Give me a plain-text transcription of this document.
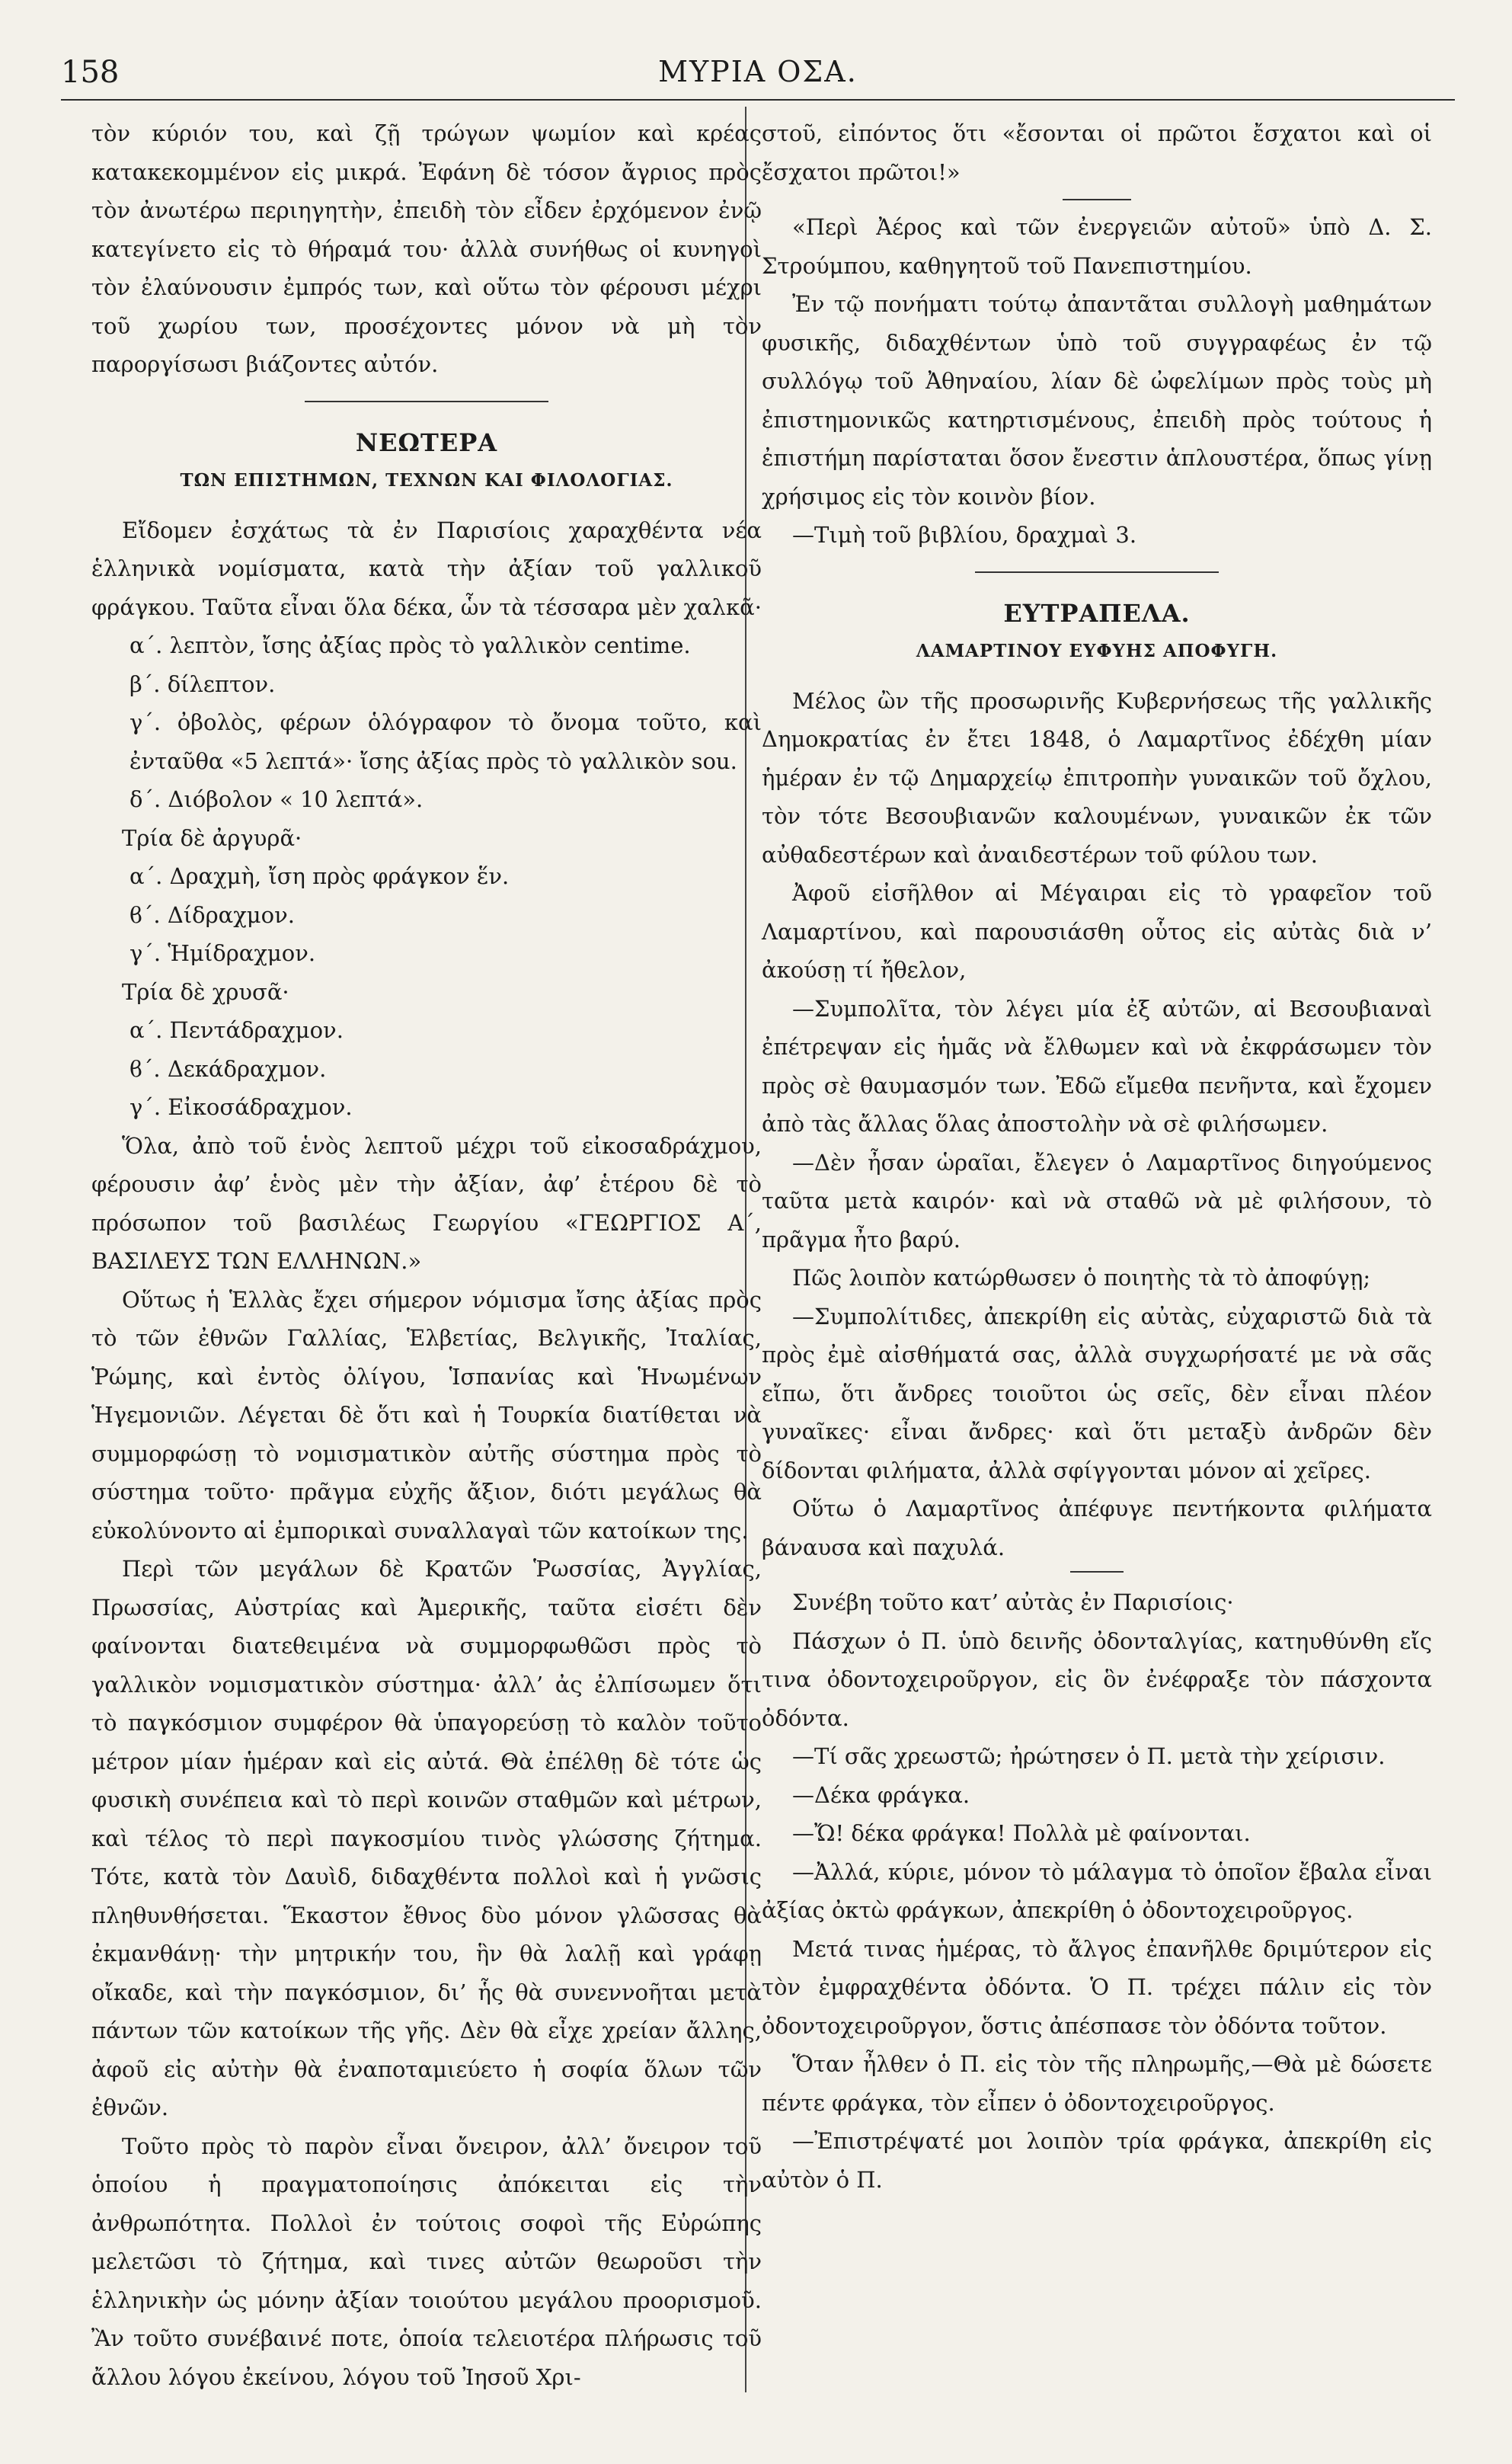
158	ΜΥΡΙΑ ΟΣΑ.

τὸν κύριόν του, καὶ ζῇ τρώγων ψωμίον καὶ κρέας κατακεκομμένον εἰς μικρά. Ἐφάνη δὲ τόσον ἄγριος πρὸς τὸν ἀνωτέρω περιηγητὴν, ἐπειδὴ τὸν εἶδεν ἐρχόμενον ἐνῷ κατεγίνετο εἰς τὸ θήραμά του· ἀλλὰ συνήθως οἱ κυνηγοὶ τὸν ἐλαύνουσιν ἐμπρός των, καὶ οὕτω τὸν φέρουσι μέχρι τοῦ χωρίου των, προσέχοντες μόνον νὰ μὴ τὸν παροργίσωσι βιάζοντες αὐτόν.

ΝΕΩΤΕΡΑ

ΤΩΝ ΕΠΙΣΤΗΜΩΝ, ΤΕΧΝΩΝ ΚΑΙ ΦΙΛΟΛΟΓΙΑΣ.

Εἴδομεν ἐσχάτως τὰ ἐν Παρισίοις χαραχθέντα νέα ἑλληνικὰ νομίσματα, κατὰ τὴν ἀξίαν τοῦ γαλλικοῦ φράγκου. Ταῦτα εἶναι ὅλα δέκα, ὧν τὰ τέσσαρα μὲν χαλκᾶ·

α΄. λεπτὸν, ἴσης ἀξίας πρὸς τὸ γαλλικὸν centime.

β΄. δίλεπτον.

γ΄. ὀβολὸς, φέρων ὁλόγραφον τὸ ὄνομα τοῦτο, καὶ ἐνταῦθα «5 λεπτά»· ἴσης ἀξίας πρὸς τὸ γαλλικὸν sou.

δ΄. Διόβολον « 10 λεπτά».

Τρία δὲ ἀργυρᾶ·

α΄. Δραχμὴ, ἴση πρὸς φράγκον ἕν.

ϐ΄. Δίδραχμον.

γ΄. Ἡμίδραχμον.

Τρία δὲ χρυσᾶ·

α΄. Πεντάδραχμον.

ϐ΄. Δεκάδραχμον.

γ΄. Εἰκοσάδραχμον.

Ὅλα, ἀπὸ τοῦ ἑνὸς λεπτοῦ μέχρι τοῦ εἰκοσαδράχμου, φέρουσιν ἀφ’ ἑνὸς μὲν τὴν ἀξίαν, ἀφ’ ἑτέρου δὲ τὸ πρόσωπον τοῦ βασιλέως Γεωργίου «ΓΕΩΡΓΙΟΣ Α΄, ΒΑΣΙΛΕΥΣ ΤΩΝ ΕΛΛΗΝΩΝ.»

Οὕτως ἡ Ἑλλὰς ἔχει σήμερον νόμισμα ἴσης ἀξίας πρὸς τὸ τῶν ἐθνῶν Γαλλίας, Ἑλβετίας, Βελγικῆς, Ἰταλίας, Ῥώμης, καὶ ἐντὸς ὀλίγου, Ἱσπανίας καὶ Ἡνωμένων Ἡγεμονιῶν. Λέγεται δὲ ὅτι καὶ ἡ Τουρκία διατίθεται νὰ συμμορφώσῃ τὸ νομισματικὸν αὐτῆς σύστημα πρὸς τὸ σύστημα τοῦτο· πρᾶγμα εὐχῆς ἄξιον, διότι μεγάλως θὰ εὐκολύνοντο αἱ ἐμπορικαὶ συναλλαγαὶ τῶν κατοίκων της.

Περὶ τῶν μεγάλων δὲ Κρατῶν Ῥωσσίας, Ἀγγλίας, Πρωσσίας, Αὐστρίας καὶ Ἀμερικῆς, ταῦτα εἰσέτι δὲν φαίνονται διατεθειμένα νὰ συμμορφωθῶσι πρὸς τὸ γαλλικὸν νομισματικὸν σύστημα· ἀλλ’ ἀς ἐλπίσωμεν ὅτι τὸ παγκόσμιον συμφέρον θὰ ὑπαγορεύσῃ τὸ καλὸν τοῦτο μέτρον μίαν ἡμέραν καὶ εἰς αὐτά. Θὰ ἐπέλθῃ δὲ τότε ὡς φυσικὴ συνέπεια καὶ τὸ περὶ κοινῶν σταθμῶν καὶ μέτρων, καὶ τέλος τὸ περὶ παγκοσμίου τινὸς γλώσσης ζήτημα. Τότε, κατὰ τὸν Δαυὶδ, διδαχθέντα πολλοὶ καὶ ἡ γνῶσις πληθυνθήσεται. Ἕκαστον ἔθνος δὺο μόνον γλῶσσας θὰ ἐκμανθάνῃ· τὴν μητρικήν του, ἣν θὰ λαλῇ καὶ γράφῃ οἴκαδε, καὶ τὴν παγκόσμιον, δι’ ἧς θὰ συνεννοῆται μετὰ πάντων τῶν κατοίκων τῆς γῆς. Δὲν θὰ εἶχε χρείαν ἄλλης, ἀφοῦ εἰς αὐτὴν θὰ ἐναποταμιεύετο ἡ σοφία ὅλων τῶν ἐθνῶν.

Τοῦτο πρὸς τὸ παρὸν εἶναι ὄνειρον, ἀλλ’ ὄνειρον τοῦ ὁποίου ἡ πραγματοποίησις ἀπόκειται εἰς τὴν ἀνθρωπότητα. Πολλοὶ ἐν τούτοις σοφοὶ τῆς Εὐρώπης μελετῶσι τὸ ζήτημα, καὶ τινες αὐτῶν θεωροῦσι τὴν ἑλληνικὴν ὡς μόνην ἀξίαν τοιούτου μεγάλου προορισμοῦ. Ἂν τοῦτο συνέβαινέ ποτε, ὁποία τελειοτέρα πλήρωσις τοῦ ἄλλου λόγου ἐκείνου, λόγου τοῦ Ἰησοῦ Χρι-

στοῦ, εἰπόντος ὅτι «ἔσονται οἱ πρῶτοι ἔσχατοι καὶ οἱ ἔσχατοι πρῶτοι!»

«Περὶ Ἀέρος καὶ τῶν ἐνεργειῶν αὐτοῦ» ὑπὸ Δ. Σ. Στρούμπου, καθηγητοῦ τοῦ Πανεπιστημίου.

Ἐν τῷ πονήματι τούτῳ ἀπαντᾶται συλλογὴ μαθημάτων φυσικῆς, διδαχθέντων ὑπὸ τοῦ συγγραφέως ἐν τῷ συλλόγῳ τοῦ Ἀθηναίου, λίαν δὲ ὠφελίμων πρὸς τοὺς μὴ ἐπιστημονικῶς κατηρτισμένους, ἐπειδὴ πρὸς τούτους ἡ ἐπιστήμη παρίσταται ὅσον ἔνεστιν ἁπλουστέρα, ὅπως γίνῃ χρήσιμος εἰς τὸν κοινὸν βίον.

—Τιμὴ τοῦ βιβλίου, δραχμαὶ 3.

ΕΥΤΡΑΠΕΛΑ.

ΛΑΜΑΡΤΙΝΟΥ ΕΥΦΥΗΣ ΑΠΟΦΥΓΗ.

Μέλος ὢν τῆς προσωρινῆς Κυβερνήσεως τῆς γαλλικῆς Δημοκρατίας ἐν ἔτει 1848, ὁ Λαμαρτῖνος ἐδέχθη μίαν ἡμέραν ἐν τῷ Δημαρχείῳ ἐπιτροπὴν γυναικῶν τοῦ ὄχλου, τὸν τότε Βεσουβιανῶν καλουμένων, γυναικῶν ἐκ τῶν αὐθαδεστέρων καὶ ἀναιδεστέρων τοῦ φύλου των.

Ἀφοῦ εἰσῆλθον αἱ Μέγαιραι εἰς τὸ γραφεῖον τοῦ Λαμαρτίνου, καὶ παρουσιάσθη οὗτος εἰς αὐτὰς διὰ ν’ ἀκούσῃ τί ἤθελον,

—Συμπολῖτα, τὸν λέγει μία ἐξ αὐτῶν, αἱ Βεσουβιαναὶ ἐπέτρεψαν εἰς ἡμᾶς νὰ ἔλθωμεν καὶ νὰ ἐκφράσωμεν τὸν πρὸς σὲ θαυμασμόν των. Ἐδῶ εἴμεθα πενῆντα, καὶ ἔχομεν ἀπὸ τὰς ἄλλας ὅλας ἀποστολὴν νὰ σὲ φιλήσωμεν.

—Δὲν ἦσαν ὡραῖαι, ἔλεγεν ὁ Λαμαρτῖνος διηγούμενος ταῦτα μετὰ καιρόν· καὶ νὰ σταθῶ νὰ μὲ φιλήσουν, τὸ πρᾶγμα ἦτο βαρύ.

Πῶς λοιπὸν κατώρθωσεν ὁ ποιητὴς τὰ τὸ ἀποφύγῃ;

—Συμπολίτιδες, ἀπεκρίθη εἰς αὐτὰς, εὐχαριστῶ διὰ τὰ πρὸς ἐμὲ αἰσθήματά σας, ἀλλὰ συγχωρήσατέ με νὰ σᾶς εἴπω, ὅτι ἄνδρες τοιοῦτοι ὡς σεῖς, δὲν εἶναι πλέον γυναῖκες· εἶναι ἄνδρες· καὶ ὅτι μεταξὺ ἀνδρῶν δὲν δίδονται φιλήματα, ἀλλὰ σφίγγονται μόνον αἱ χεῖρες.

Οὕτω ὁ Λαμαρτῖνος ἀπέφυγε πεντήκοντα φιλήματα βάναυσα καὶ παχυλά.

Συνέβη τοῦτο κατ’ αὐτὰς ἐν Παρισίοις·

Πάσχων ὁ Π. ὑπὸ δεινῆς ὀδονταλγίας, κατηυθύνθη εἴς τινα ὀδοντοχειροῦργον, εἰς ὃν ἐνέφραξε τὸν πάσχοντα ὀδόντα.

—Τί σᾶς χρεωστῶ; ἠρώτησεν ὁ Π. μετὰ τὴν χείρισιν.

—Δέκα φράγκα.

—Ὤ! δέκα φράγκα! Πολλὰ μὲ φαίνονται.

—Ἀλλά, κύριε, μόνον τὸ μάλαγμα τὸ ὁποῖον ἔβαλα εἶναι ἀξίας ὀκτὼ φράγκων, ἀπεκρίθη ὁ ὀδοντοχειροῦργος.

Μετά τινας ἡμέρας, τὸ ἄλγος ἐπανῆλθε δριμύτερον εἰς τὸν ἐμφραχθέντα ὀδόντα. Ὁ Π. τρέχει πάλιν εἰς τὸν ὀδοντοχειροῦργον, ὅστις ἀπέσπασε τὸν ὀδόντα τοῦτον.

Ὅταν ἦλθεν ὁ Π. εἰς τὸν τῆς πληρωμῆς,—Θὰ μὲ δώσετε πέντε φράγκα, τὸν εἶπεν ὁ ὀδοντοχειροῦργος.

—Ἐπιστρέψατέ μοι λοιπὸν τρία φράγκα, ἀπεκρίθη εἰς αὐτὸν ὁ Π.
